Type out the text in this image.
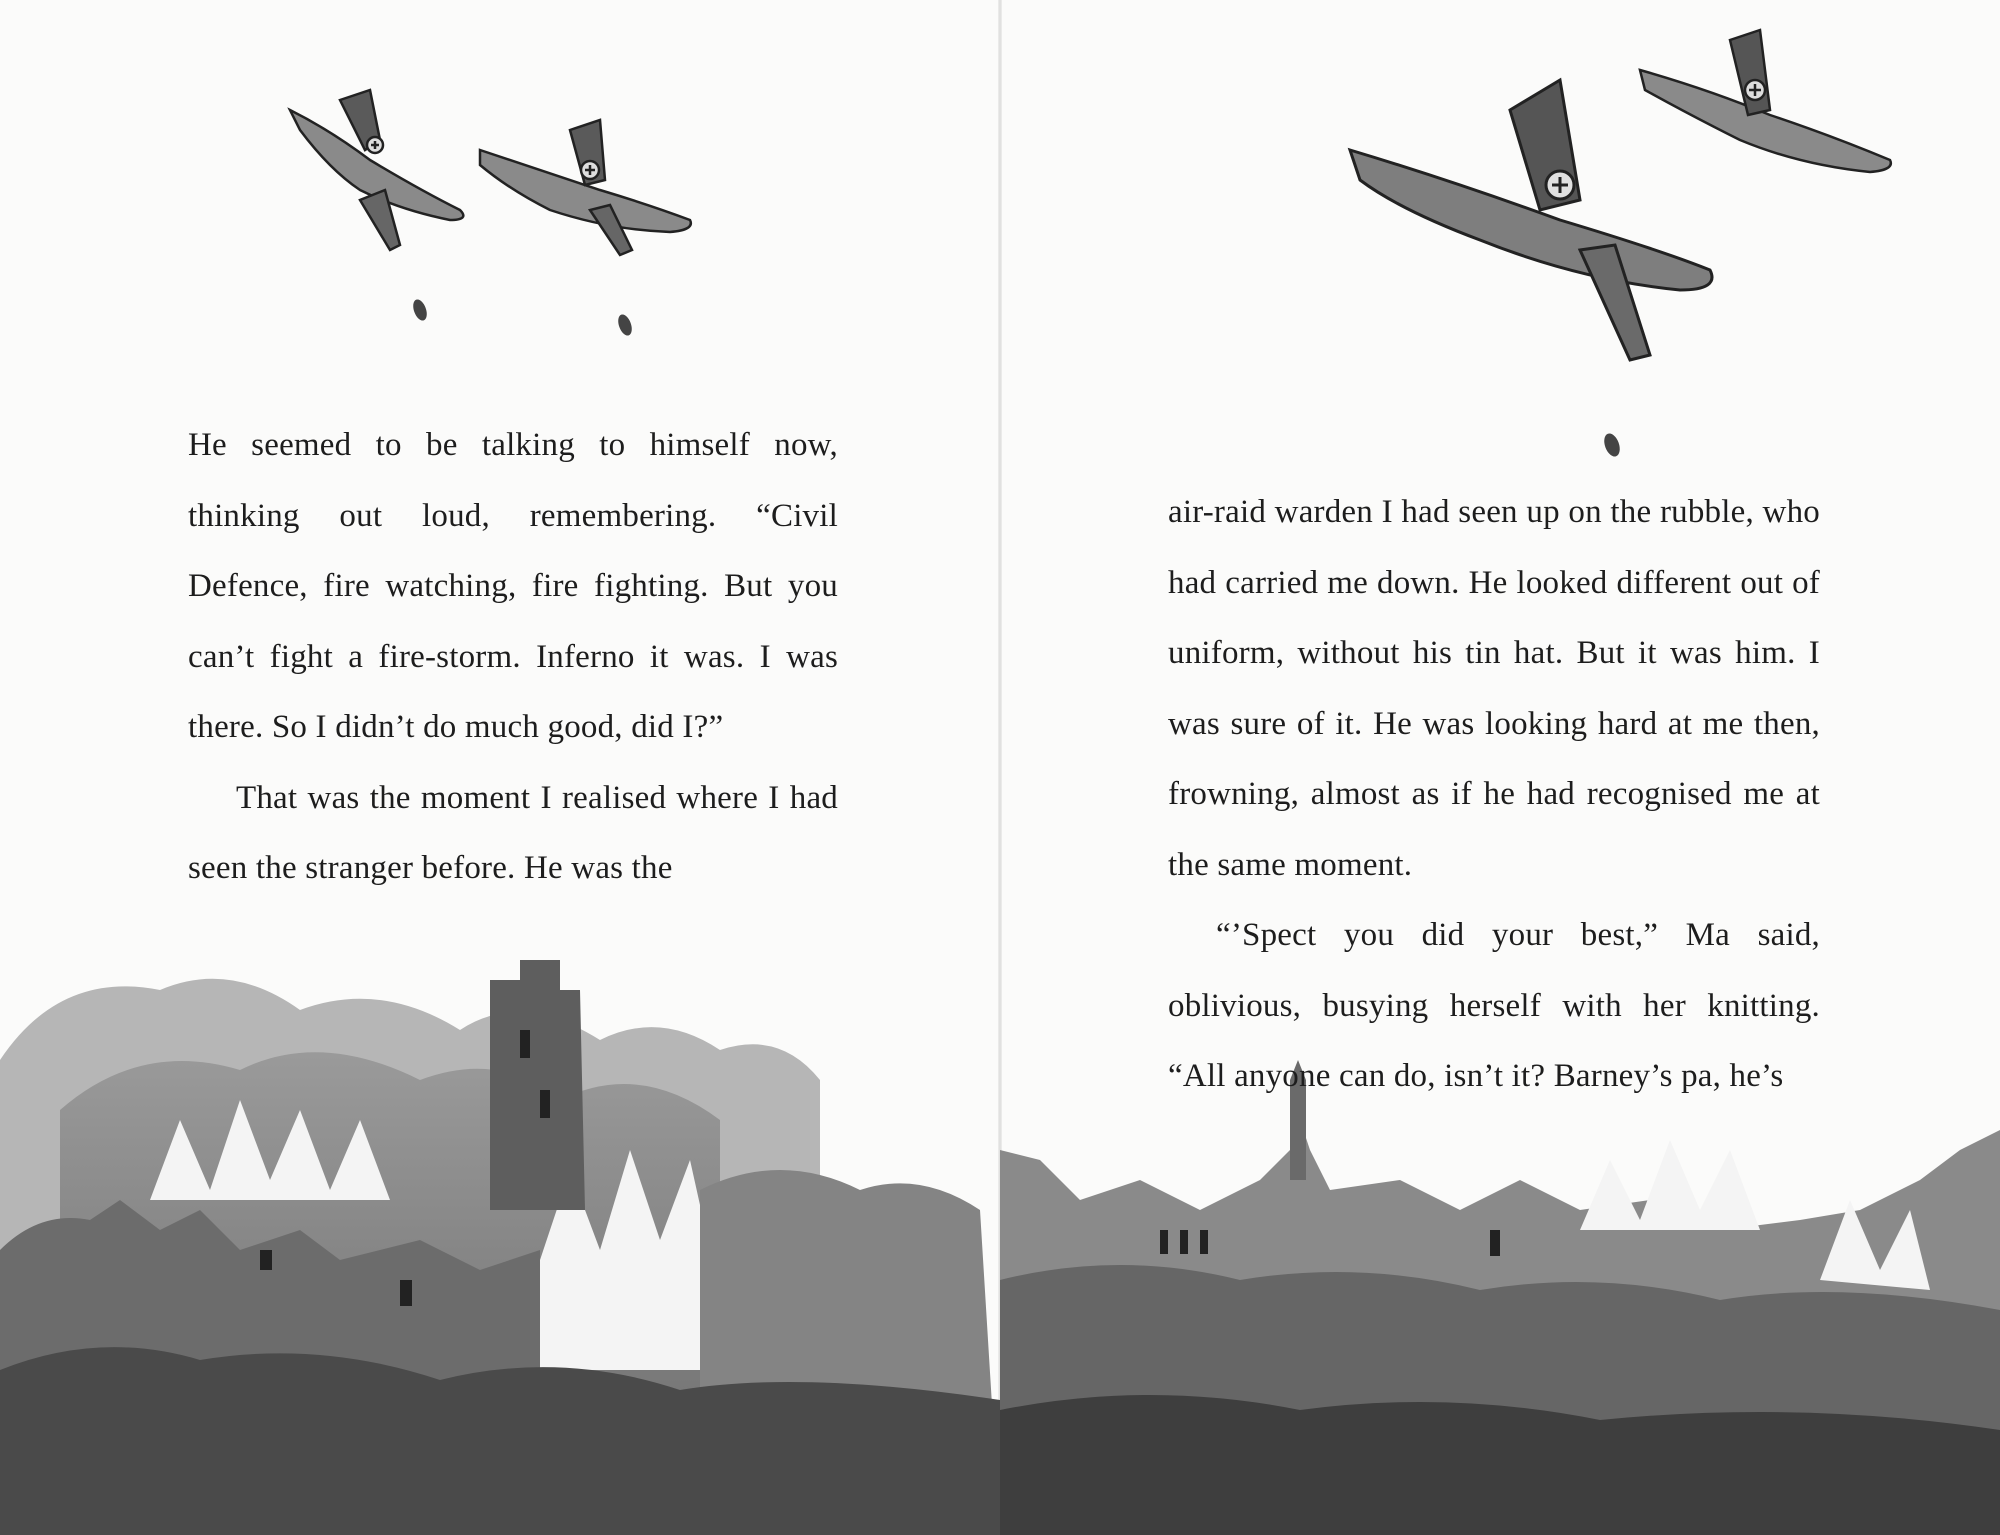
He seemed to be talking to himself now, thinking out loud, remembering. “Civil Defence, fire watching, fire fighting. But you can’t fight a fire-storm. Inferno it was. I was there. So I didn’t do much good, did I?”

That was the moment I realised where I had seen the stranger before. He was the

air-raid warden I had seen up on the rubble, who had carried me down. He looked different out of uniform, without his tin hat. But it was him. I was sure of it. He was looking hard at me then, frowning, almost as if he had recognised me at the same moment.

“’Spect you did your best,” Ma said, oblivious, busying herself with her knitting. “All anyone can do, isn’t it? Barney’s pa, he’s
